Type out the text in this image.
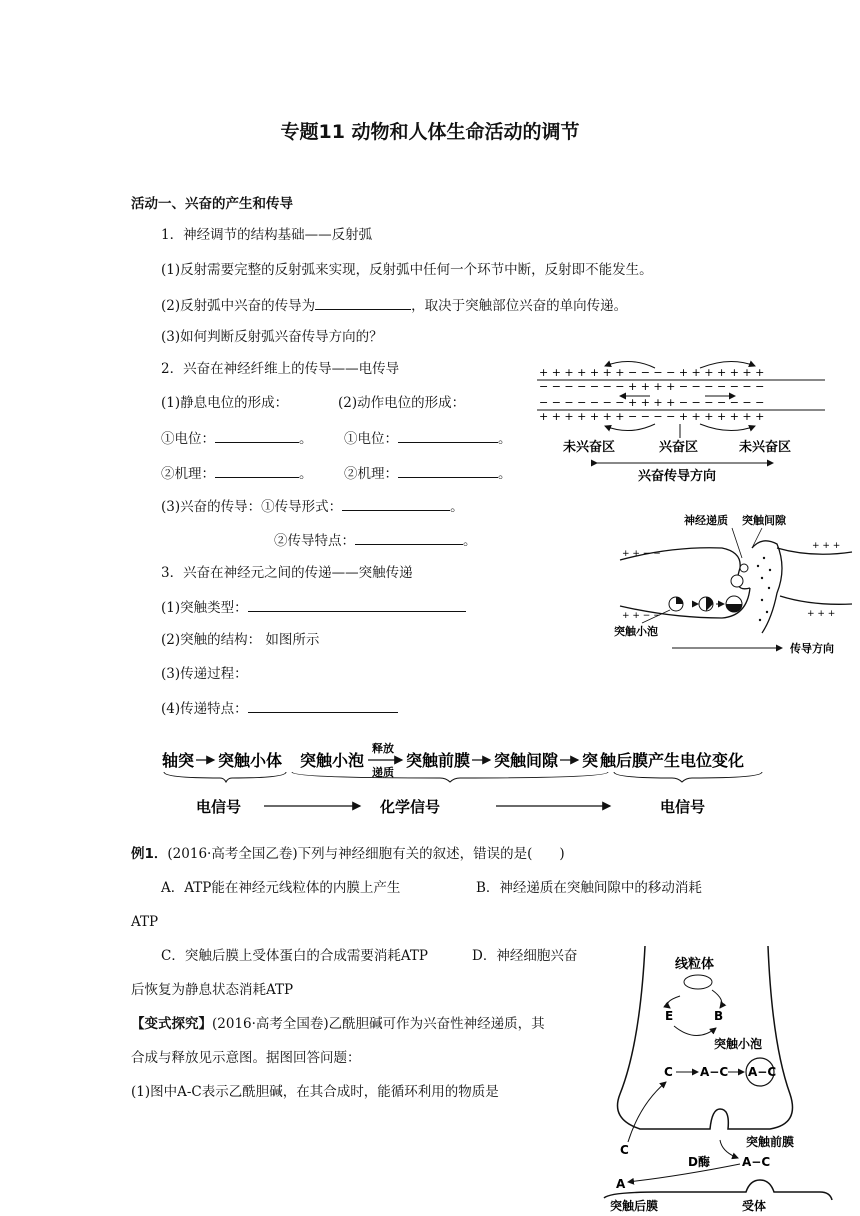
专题11 动物和人体生命活动的调节
活动一、兴奋的产生和传导
1．神经调节的结构基础——反射弧
(1)反射需要完整的反射弧来实现，反射弧中任何一个环节中断，反射即不能发生。
(2)反射弧中兴奋的传导为	，取决于突触部位兴奋的单向传递。
(3)如何判断反射弧兴奋传导方向的？
2．兴奋在神经纤维上的传导——电传导
(1)静息电位的形成：	(2)动作电位的形成：
①电位：	。 ①电位：	。
②机理：	。 ②机理：	。
(3)兴奋的传导：①传导形式：	。
②传导特点：	。
3．兴奋在神经元之间的传递——突触传递
(1)突触类型：
(2)突触的结构： 如图所示
(3)传递过程：
(4)传递特点：
+ + + + + + + − − − − + + + + + + +
− − − − − − − + + + + − − − − − − −
− − − − − − − + + + + − − − − − − −
+ + + + + + + − − − − + + + + + + +
未兴奋区	兴奋区	未兴奋区
兴奋传导方向
神经递质 突触间隙
+ + − −
+ + +
+ + − −	+ + +
突触小泡
传导方向
轴突 突触小体 突触小泡
释放
递质
突触前膜 突触间隙 突 触后膜产生电位变化
电信号	化学信号	电信号
例1．(2016·高考全国乙卷)下列与神经细胞有关的叙述，错误的是(　　)
A．ATP能在神经元线粒体的内膜上产生	B．神经递质在突触间隙中的移动消耗
ATP
C．突触后膜上受体蛋白的合成需要消耗ATP	D．神经细胞兴奋
后恢复为静息状态消耗ATP
【变式探究】(2016·高考全国卷)乙酰胆碱可作为兴奋性神经递质，其
合成与释放见示意图。据图回答问题：
(1)图中A-C表示乙酰胆碱，在其合成时，能循环利用的物质是
线粒体
E	B
突触小泡
C A−C A−C
突触前膜
C
D酶	A−C
A
突触后膜	受体
